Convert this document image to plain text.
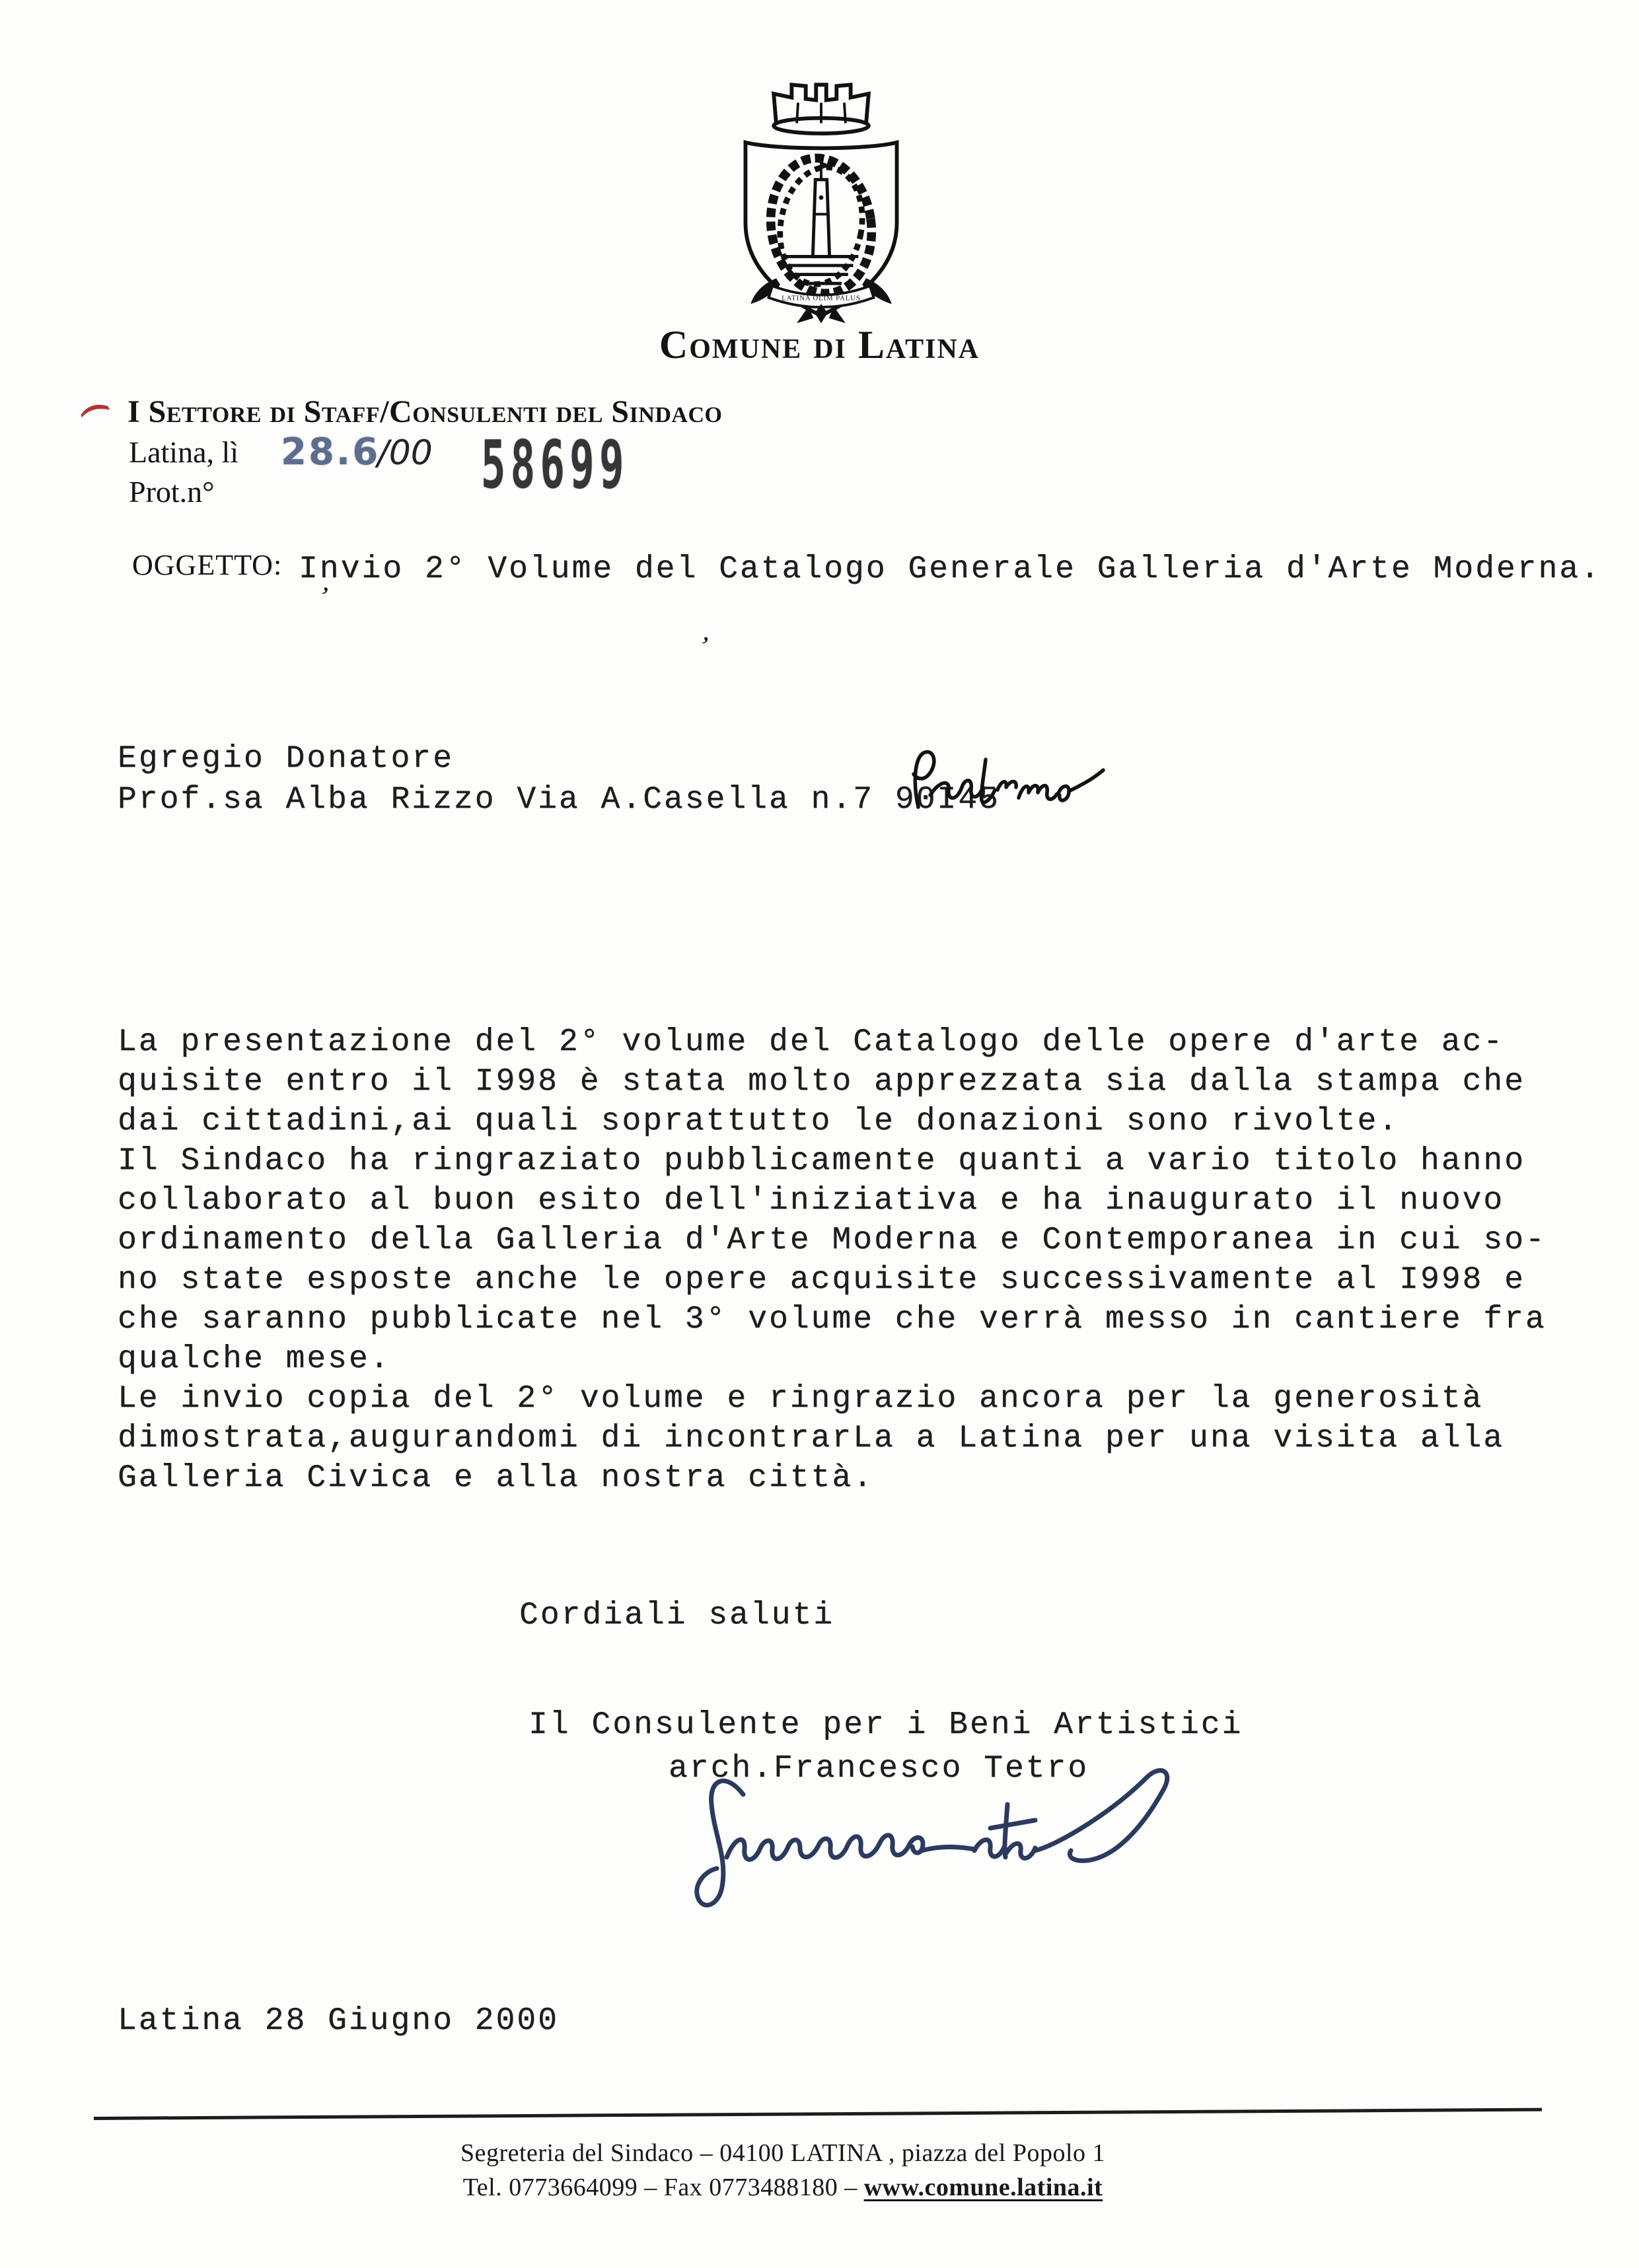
LATINA OLIM PALUS
Comune di Latina
I Settore di Staff/Consulenti del Sindaco
Latina, lì 28.6/00 58699
Prot.n°
OGGETTO: Invio 2° Volume del Catalogo Generale Galleria d'Arte Moderna.
’
’
Egregio Donatore
Prof.sa Alba Rizzo Via A.Casella n.7 90I45
La presentazione del 2° volume del Catalogo delle opere d'arte ac-
quisite entro il I998 è stata molto apprezzata sia dalla stampa che
dai cittadini,ai quali soprattutto le donazioni sono rivolte.
Il Sindaco ha ringraziato pubblicamente quanti a vario titolo hanno
collaborato al buon esito dell'iniziativa e ha inaugurato il nuovo
ordinamento della Galleria d'Arte Moderna e Contemporanea in cui so-
no state esposte anche le opere acquisite successivamente al I998 e
che saranno pubblicate nel 3° volume che verrà messo in cantiere fra
qualche mese.
Le invio copia del 2° volume e ringrazio ancora per la generosità
dimostrata,augurandomi di incontrarLa a Latina per una visita alla
Galleria Civica e alla nostra città.
Cordiali saluti
Il Consulente per i Beni Artistici
arch.Francesco Tetro
Latina 28 Giugno 2000
Segreteria del Sindaco – 04100 LATINA , piazza del Popolo 1
Tel. 0773664099 – Fax 0773488180 – www.comune.latina.it
